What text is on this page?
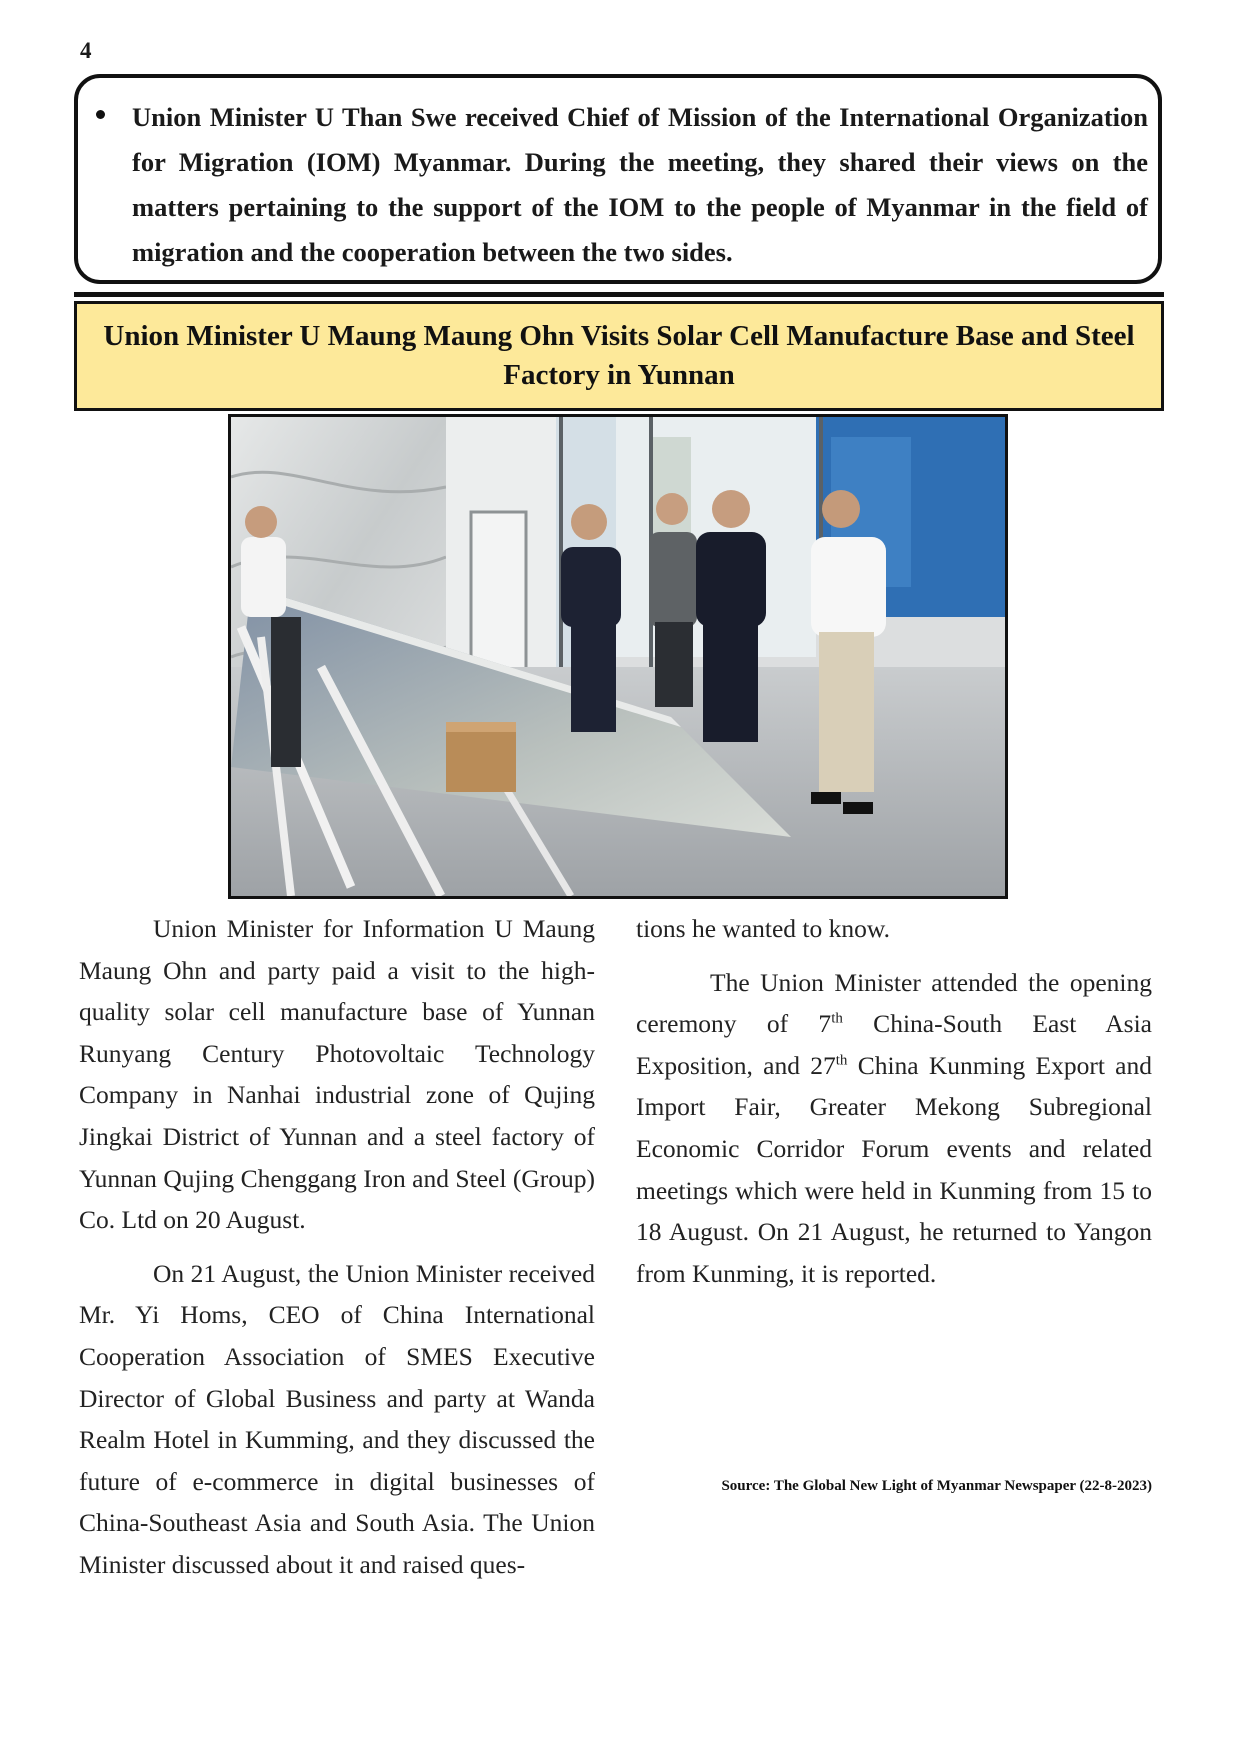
4
Union Minister U Than Swe received Chief of Mission of the International Organization for Migration (IOM) Myanmar. During the meeting, they shared their views on the matters pertaining to the support of the IOM to the people of Myanmar in the field of migration and the cooperation between the two sides.
Union Minister U Maung Maung Ohn Visits Solar Cell Manufacture Base and Steel Factory in Yunnan

Union Minister for Information U Maung Maung Ohn and party paid a visit to the high-quality solar cell manufacture base of Yunnan Runyang Century Photovoltaic Technology Company in Nanhai industrial zone of Qujing Jingkai District of Yunnan and a steel factory of Yunnan Qujing Chenggang Iron and Steel (Group) Co. Ltd on 20 August.

On 21 August, the Union Minister received Mr. Yi Homs, CEO of China International Cooperation Association of SMES Executive Director of Global Business and party at Wanda Realm Hotel in Kumming, and they discussed the future of e-commerce in digital businesses of China-Southeast Asia and South Asia. The Union Minister discussed about it and raised ques-

tions he wanted to know.

The Union Minister attended the opening ceremony of 7th China-South East Asia Exposition, and 27th China Kunming Export and Import Fair, Greater Mekong Subregional Economic Corridor Forum events and related meetings which were held in Kunming from 15 to 18 August. On 21 August, he returned to Yangon from Kunming, it is reported.

Source: The Global New Light of Myanmar Newspaper (22-8-2023)
